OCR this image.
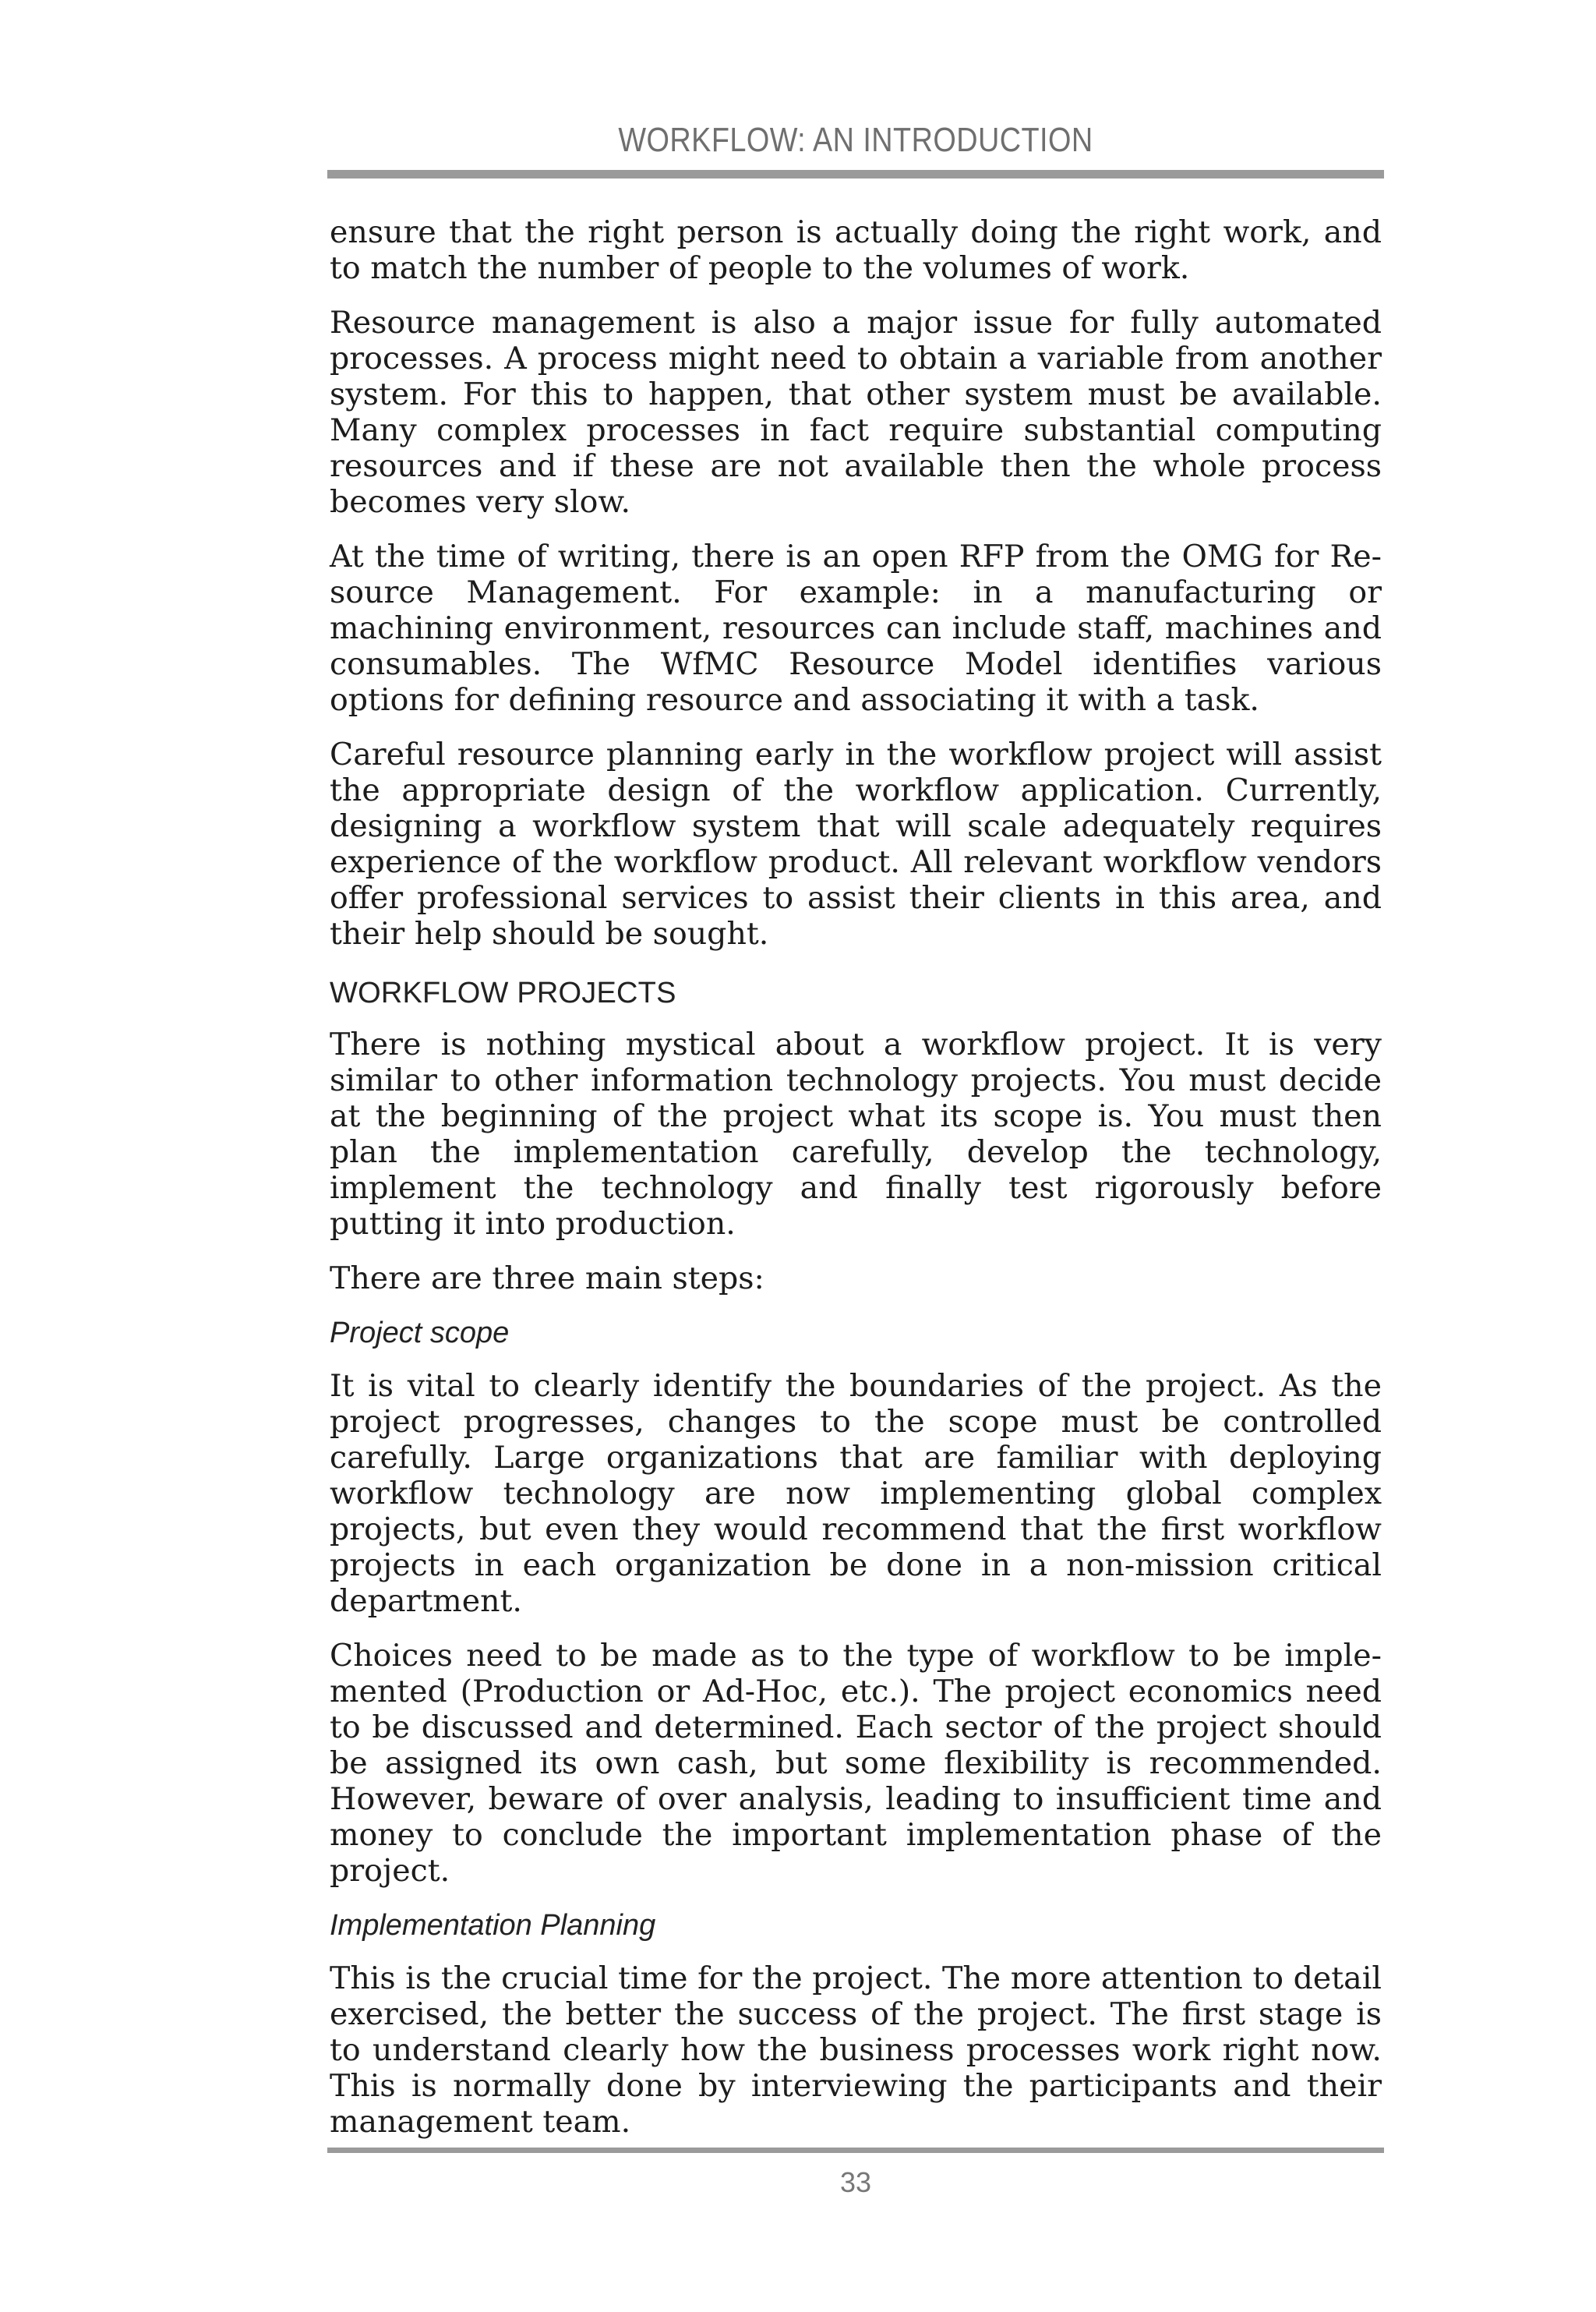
WORKFLOW: AN INTRODUCTION

ensure that the right person is actually doing the right work, and to match the number of people to the volumes of work.

Resource management is also a major issue for fully automated processes. A process might need to obtain a variable from another system. For this to happen, that other system must be available. Many complex processes in fact require substantial computing resources and if these are not available then the whole process becomes very slow.

At the time of writing, there is an open RFP from the OMG for Resource Management. For example: in a manufacturing or machining environment, resources can include staff, machines and consumables. The WfMC Resource Model identifies various options for defining resource and associating it with a task.

Careful resource planning early in the workflow project will assist the appropriate design of the workflow application. Currently, designing a workflow system that will scale adequately requires experience of the workflow product. All relevant workflow vendors offer professional services to assist their clients in this area, and their help should be sought.

WORKFLOW PROJECTS

There is nothing mystical about a workflow project. It is very similar to other information technology projects. You must decide at the beginning of the project what its scope is. You must then plan the implementation carefully, develop the technology, implement the technology and finally test rigorously before putting it into production.

There are three main steps:

Project scope

It is vital to clearly identify the boundaries of the project. As the project progresses, changes to the scope must be controlled carefully. Large organizations that are familiar with deploying workflow technology are now implementing global complex projects, but even they would recommend that the first workflow projects in each organization be done in a non-mission critical department.

Choices need to be made as to the type of workflow to be implemented (Production or Ad-Hoc, etc.). The project economics need to be discussed and determined. Each sector of the project should be assigned its own cash, but some flexibility is recommended. However, beware of over analysis, leading to insufficient time and money to conclude the important implementation phase of the project.

Implementation Planning

This is the crucial time for the project. The more attention to detail exercised, the better the success of the project. The first stage is to understand clearly how the business processes work right now. This is normally done by interviewing the participants and their management team.

33
